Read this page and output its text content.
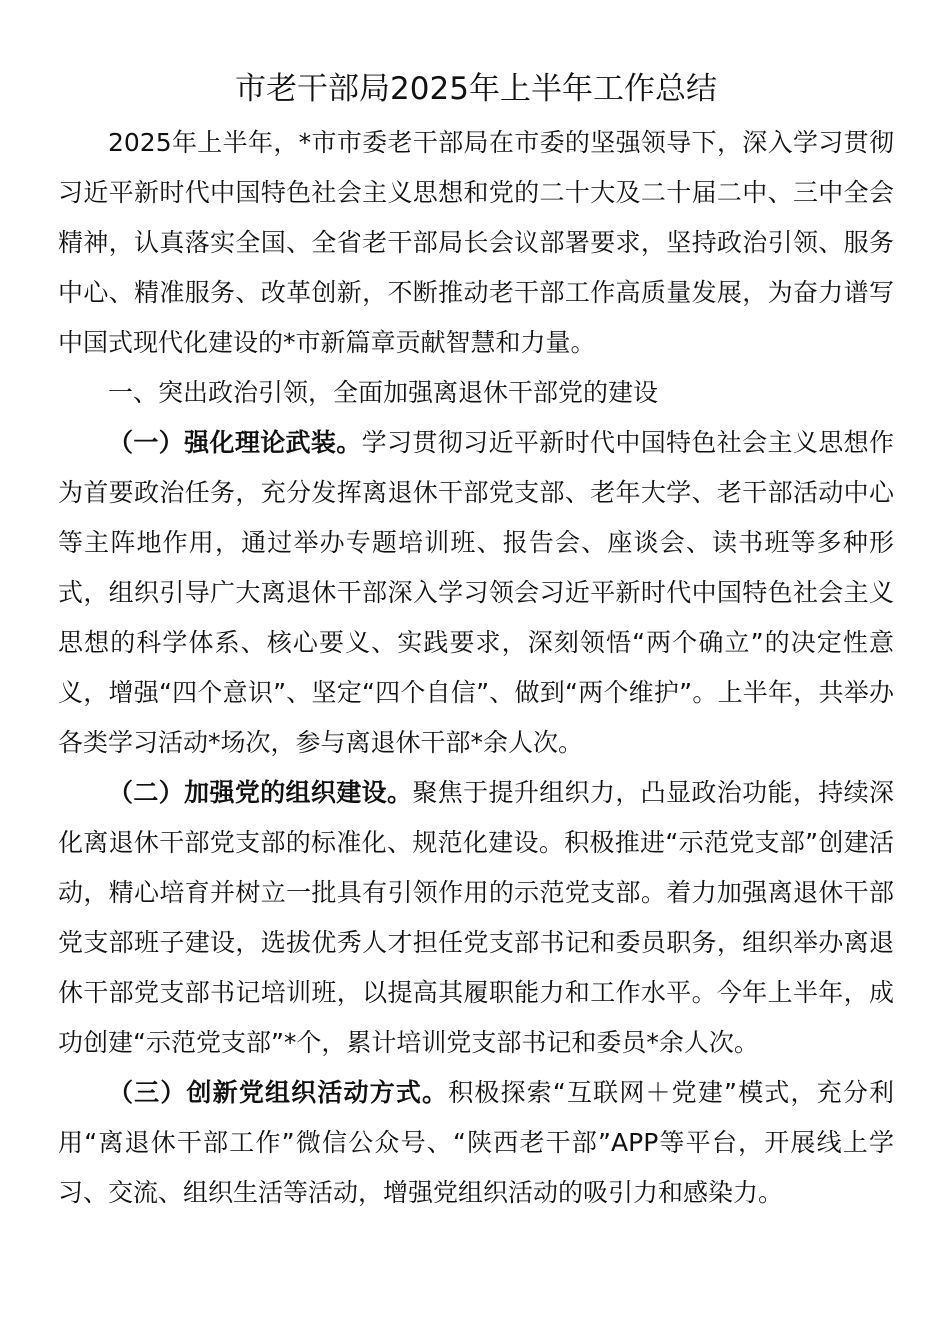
市老干部局2025年上半年工作总结

2025年上半年，*市市委老干部局在市委的坚强领导下，深入学习贯彻习近平新时代中国特色社会主义思想和党的二十大及二十届二中、三中全会精神，认真落实全国、全省老干部局长会议部署要求，坚持政治引领、服务中心、精准服务、改革创新，不断推动老干部工作高质量发展，为奋力谱写中国式现代化建设的*市新篇章贡献智慧和力量。

一、突出政治引领，全面加强离退休干部党的建设

（一）强化理论武装。学习贯彻习近平新时代中国特色社会主义思想作为首要政治任务，充分发挥离退休干部党支部、老年大学、老干部活动中心等主阵地作用，通过举办专题培训班、报告会、座谈会、读书班等多种形式，组织引导广大离退休干部深入学习领会习近平新时代中国特色社会主义思想的科学体系、核心要义、实践要求，深刻领悟“两个确立”的决定性意义，增强“四个意识”、坚定“四个自信”、做到“两个维护”。上半年，共举办各类学习活动*场次，参与离退休干部*余人次。

（二）加强党的组织建设。聚焦于提升组织力，凸显政治功能，持续深化离退休干部党支部的标准化、规范化建设。积极推进“示范党支部”创建活动，精心培育并树立一批具有引领作用的示范党支部。着力加强离退休干部党支部班子建设，选拔优秀人才担任党支部书记和委员职务，组织举办离退休干部党支部书记培训班，以提高其履职能力和工作水平。今年上半年，成功创建“示范党支部”*个，累计培训党支部书记和委员*余人次。

（三）创新党组织活动方式。积极探索“互联网＋党建”模式，充分利用“离退休干部工作”微信公众号、“陕西老干部”APP等平台，开展线上学习、交流、组织生活等活动，增强党组织活动的吸引力和感染力。
